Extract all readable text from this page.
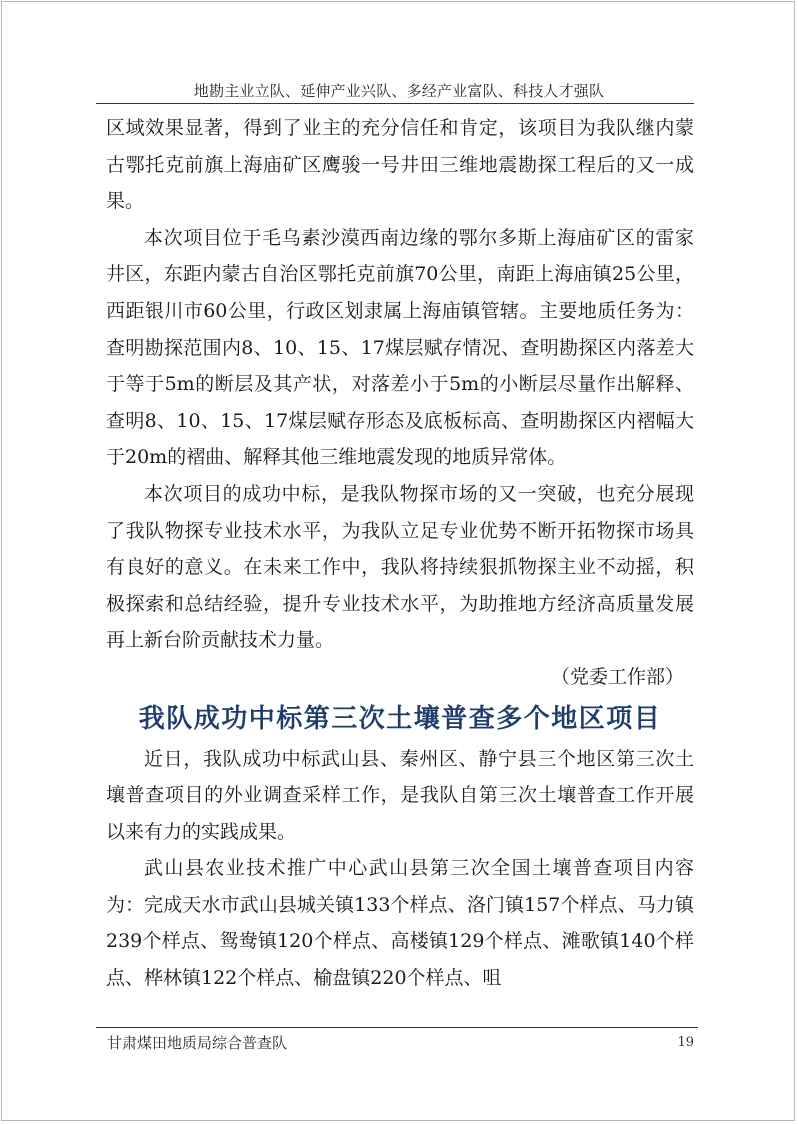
地勘主业立队、延伸产业兴队、多经产业富队、科技人才强队

区域效果显著，得到了业主的充分信任和肯定，该项目为我队继内蒙古鄂托克前旗上海庙矿区鹰骏一号井田三维地震勘探工程后的又一成果。

本次项目位于毛乌素沙漠西南边缘的鄂尔多斯上海庙矿区的雷家井区，东距内蒙古自治区鄂托克前旗70公里，南距上海庙镇25公里，西距银川市60公里，行政区划隶属上海庙镇管辖。主要地质任务为：查明勘探范围内8、10、15、17煤层赋存情况、查明勘探区内落差大于等于5m的断层及其产状，对落差小于5m的小断层尽量作出解释、查明8、10、15、17煤层赋存形态及底板标高、查明勘探区内褶幅大于20m的褶曲、解释其他三维地震发现的地质异常体。

本次项目的成功中标，是我队物探市场的又一突破，也充分展现了我队物探专业技术水平，为我队立足专业优势不断开拓物探市场具有良好的意义。在未来工作中，我队将持续狠抓物探主业不动摇，积极探索和总结经验，提升专业技术水平，为助推地方经济高质量发展再上新台阶贡献技术力量。

（党委工作部）

我队成功中标第三次土壤普查多个地区项目

近日，我队成功中标武山县、秦州区、静宁县三个地区第三次土壤普查项目的外业调查采样工作，是我队自第三次土壤普查工作开展以来有力的实践成果。

武山县农业技术推广中心武山县第三次全国土壤普查项目内容为：完成天水市武山县城关镇133个样点、洛门镇157个样点、马力镇239个样点、鸳鸯镇120个样点、高楼镇129个样点、滩歌镇140个样点、桦林镇122个样点、榆盘镇220个样点、咀

甘肃煤田地质局综合普查队	19
